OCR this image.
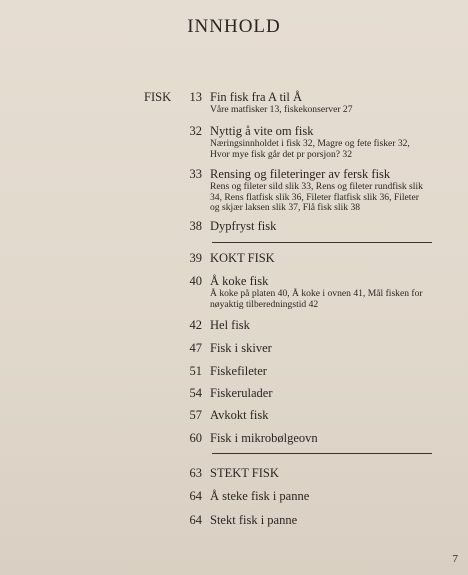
INNHOLD
FISK	13 Fin fisk fra A til Å
Våre matfisker 13, fiskekonserver 27
32 Nyttig å vite om fisk
Næringsinnholdet i fisk 32, Magre og fete fisker 32,
Hvor mye fisk går det pr porsjon? 32
33 Rensing og fileteringer av fersk fisk
Rens og fileter sild slik 33, Rens og fileter rundfisk slik
34, Rens flatfisk slik 36, Fileter flatfisk slik 36, Fileter
og skjær laksen slik 37, Flå fisk slik 38
38 Dypfryst fisk
39 KOKT FISK
40 Å koke fisk
Å koke på platen 40, Å koke i ovnen 41, Mål fisken for
nøyaktig tilberedningstid 42
42 Hel fisk
47 Fisk i skiver
51 Fiskefileter
54 Fiskerulader
57 Avkokt fisk
60 Fisk i mikrobølgeovn
63 STEKT FISK
64 Å steke fisk i panne
64 Stekt fisk i panne
7
